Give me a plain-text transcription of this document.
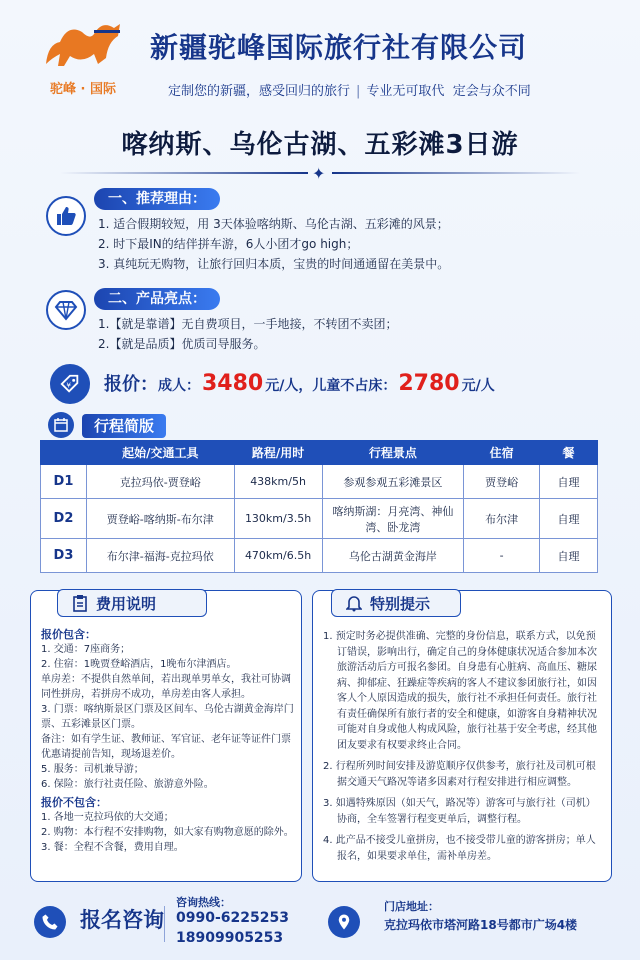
驼峰 · 国际
新疆驼峰国际旅行社有限公司
定制您的新疆，感受回归的旅行 | 专业无可取代 定会与众不同
喀纳斯、乌伦古湖、五彩滩3日游
✦
一、推荐理由：
1. 适合假期较短，用 3天体验喀纳斯、乌伦古湖、五彩滩的风景；
2. 时下最IN的结伴拼车游，6人小团才go high；
3. 真纯玩无购物，让旅行回归本质，宝贵的时间通通留在美景中。
二、产品亮点：
1.【就是靠谱】无自费项目，一手地接，不转团不卖团；
2.【就是品质】优质司导服务。
¥ 报价： 成人： 3480 元/人， 儿童不占床： 2780 元/人
行程简版
	起始/交通工具	路程/用时	行程景点	住宿	餐
D1	克拉玛依-贾登峪	438km/5h	参观参观五彩滩景区	贾登峪	自理
D2	贾登峪-喀纳斯-布尔津	130km/3.5h	喀纳斯湖：月亮湾、神仙湾、卧龙湾	布尔津	自理
D3	布尔津-福海-克拉玛依	470km/6.5h	乌伦古湖黄金海岸	-	自理
费用说明
报价包含：
1. 交通：7座商务；
2. 住宿：1晚贾登峪酒店，1晚布尔津酒店。
单房差：不提供自然单间，若出现单男单女，我社可协调同性拼房，若拼房不成功，单房差由客人承担。
3. 门票：喀纳斯景区门票及区间车、乌伦古湖黄金海岸门票、五彩滩景区门票。
备注：如有学生证、教师证、军官证、老年证等证件门票优惠请提前告知，现场退差价。
5. 服务：司机兼导游；
6. 保险：旅行社责任险、旅游意外险。
报价不包含：
1. 各地一克拉玛依的大交通；
2. 购物：本行程不安排购物，如大家有购物意愿的除外。
3. 餐：全程不含餐，费用自理。
特别提示
1. 预定时务必提供准确、完整的身份信息，联系方式，以免预订错误，影响出行，确定自己的身体健康状况适合参加本次旅游活动后方可报名参团。自身患有心脏病、高血压、糖尿病、抑郁症、狂躁症等疾病的客人不建议参团旅行社，如因客人个人原因造成的损失，旅行社不承担任何责任。旅行社有责任确保所有旅行者的安全和健康，如游客自身精神状况可能对自身或他人构成风险，旅行社基于安全考虑，经其他团友要求有权要求终止合同。
2. 行程所列时间安排及游览顺序仅供参考，旅行社及司机可根据交通天气路况等诸多因素对行程安排进行相应调整。
3. 如遇特殊原因（如天气，路况等）游客可与旅行社（司机）协商，全车签署行程变更单后，调整行程。
4. 此产品不接受儿童拼房，也不接受带儿童的游客拼房；单人报名，如果要求单住，需补单房差。
报名咨询
咨询热线：
0990-6225253
18909905253
门店地址：
克拉玛依市塔河路18号都市广场4楼
